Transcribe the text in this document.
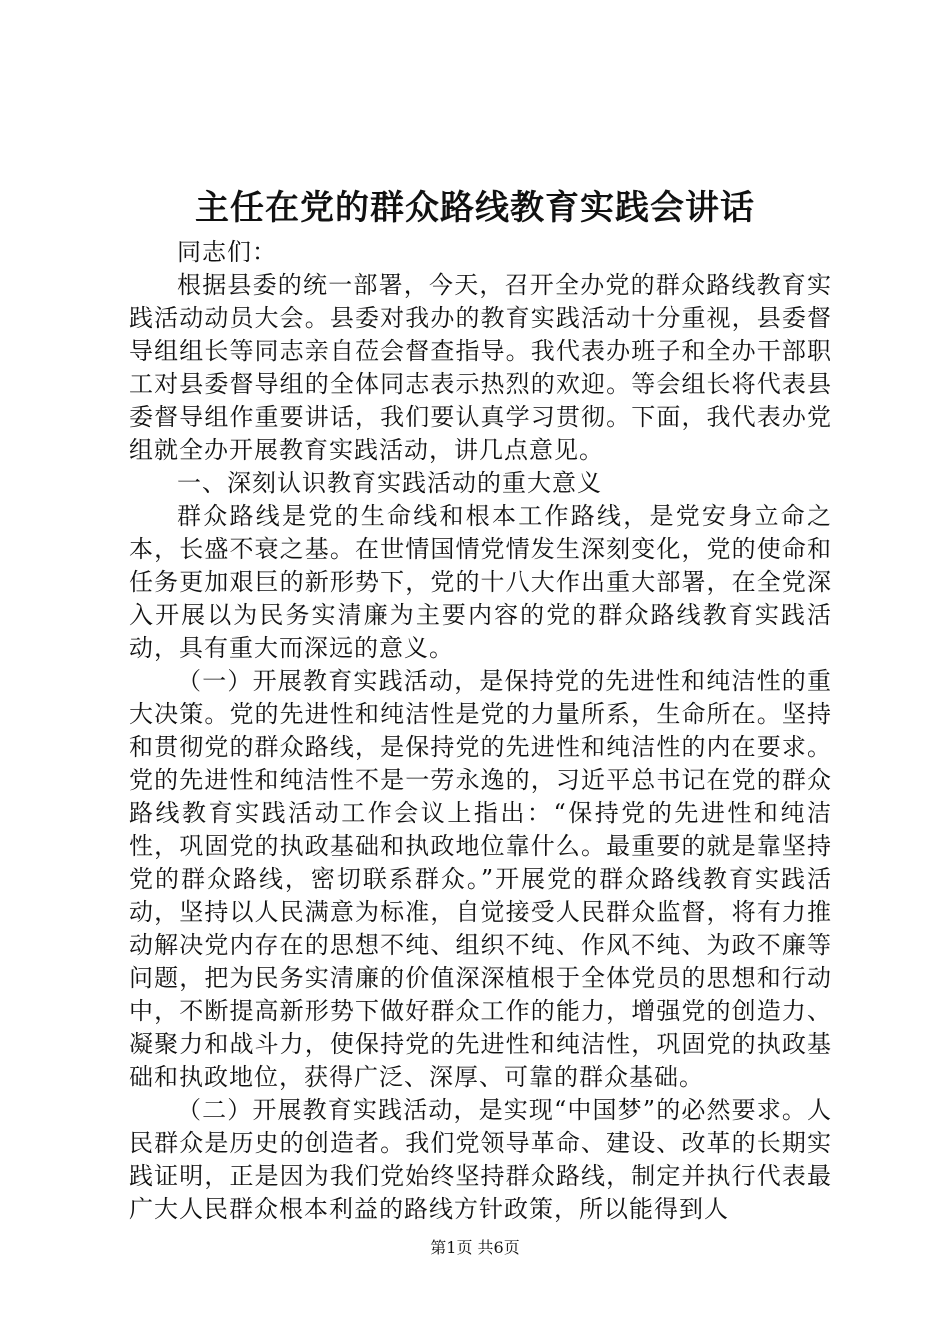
主任在党的群众路线教育实践会讲话

同志们：

根据县委的统一部署，今天，召开全办党的群众路线教育实践活动动员大会。县委对我办的教育实践活动十分重视，县委督导组组长等同志亲自莅会督查指导。我代表办班子和全办干部职工对县委督导组的全体同志表示热烈的欢迎。等会组长将代表县委督导组作重要讲话，我们要认真学习贯彻。下面，我代表办党组就全办开展教育实践活动，讲几点意见。

一、深刻认识教育实践活动的重大意义

群众路线是党的生命线和根本工作路线，是党安身立命之本，长盛不衰之基。在世情国情党情发生深刻变化，党的使命和任务更加艰巨的新形势下，党的十八大作出重大部署，在全党深入开展以为民务实清廉为主要内容的党的群众路线教育实践活动，具有重大而深远的意义。

（一）开展教育实践活动，是保持党的先进性和纯洁性的重大决策。党的先进性和纯洁性是党的力量所系，生命所在。坚持和贯彻党的群众路线，是保持党的先进性和纯洁性的内在要求。党的先进性和纯洁性不是一劳永逸的，习近平总书记在党的群众路线教育实践活动工作会议上指出：“保持党的先进性和纯洁性，巩固党的执政基础和执政地位靠什么。最重要的就是靠坚持党的群众路线，密切联系群众。”开展党的群众路线教育实践活动，坚持以人民满意为标准，自觉接受人民群众监督，将有力推动解决党内存在的思想不纯、组织不纯、作风不纯、为政不廉等问题，把为民务实清廉的价值深深植根于全体党员的思想和行动中，不断提高新形势下做好群众工作的能力，增强党的创造力、凝聚力和战斗力，使保持党的先进性和纯洁性，巩固党的执政基础和执政地位，获得广泛、深厚、可靠的群众基础。

（二）开展教育实践活动，是实现“中国梦”的必然要求。人民群众是历史的创造者。我们党领导革命、建设、改革的长期实践证明，正是因为我们党始终坚持群众路线，制定并执行代表最广大人民群众根本利益的路线方针政策，所以能得到人

第1页 共6页
